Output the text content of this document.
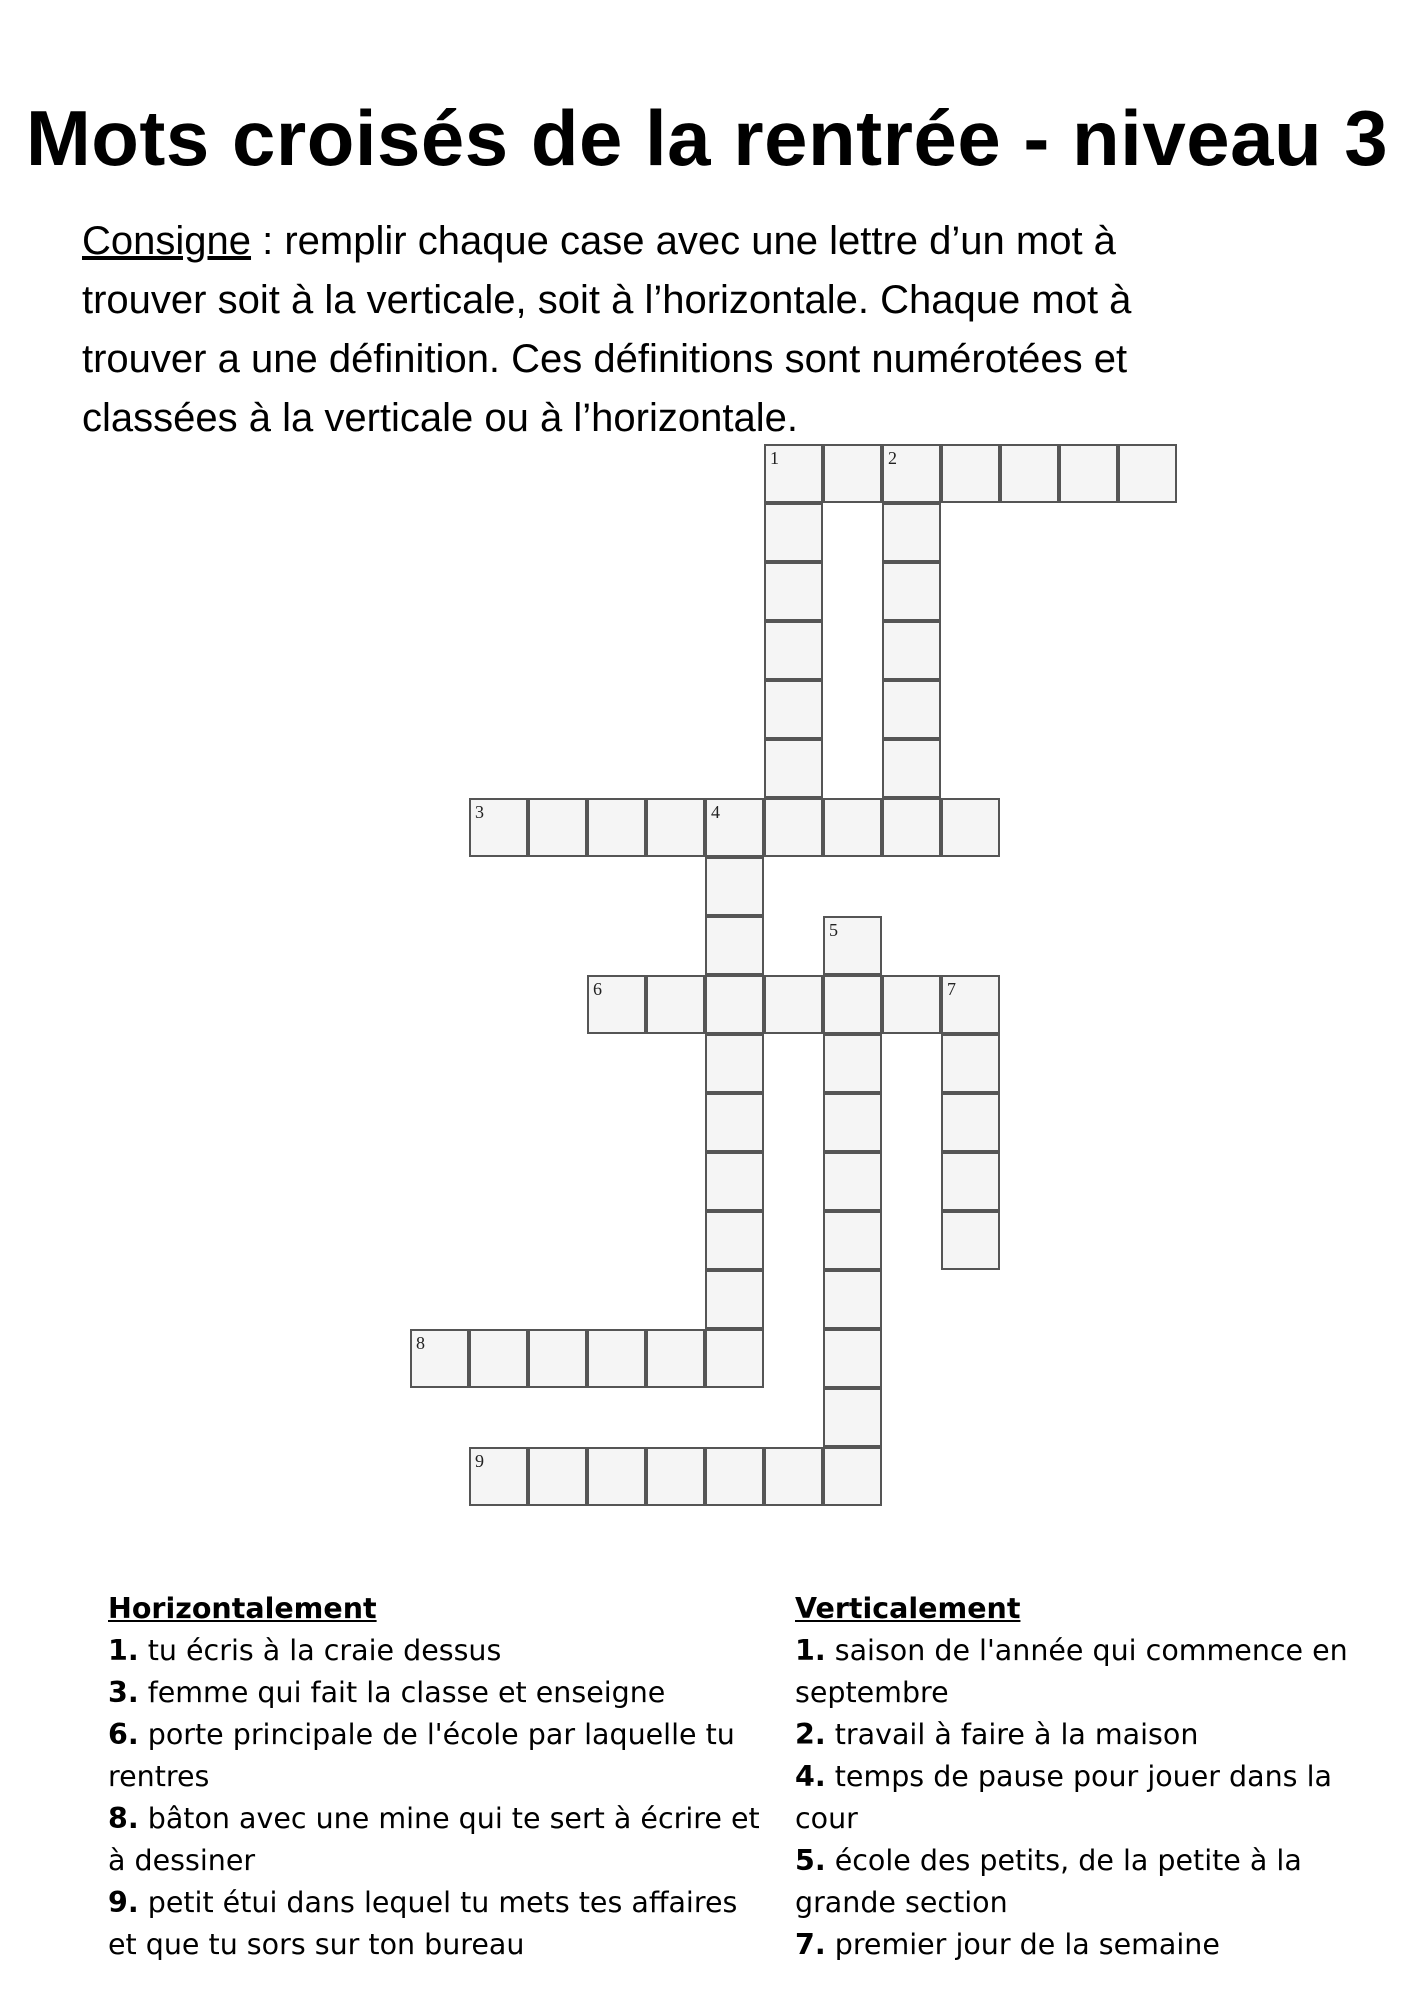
Mots croisés de la rentrée - niveau 3

Consigne : remplir chaque case avec une lettre d’un mot à trouver soit à la verticale, soit à l’horizontale. Chaque mot à trouver a une définition. Ces définitions sont numérotées et classées à la verticale ou à l’horizontale.

1	2
3	4
5
6	7
8
9
Horizontalement

1. tu écris à la craie dessus

3. femme qui fait la classe et enseigne

6. porte principale de l'école par laquelle tu rentres

8. bâton avec une mine qui te sert à écrire et à dessiner

9. petit étui dans lequel tu mets tes affaires et que tu sors sur ton bureau

Verticalement

1. saison de l'année qui commence en septembre

2. travail à faire à la maison

4. temps de pause pour jouer dans la cour

5. école des petits, de la petite à la grande section

7. premier jour de la semaine
